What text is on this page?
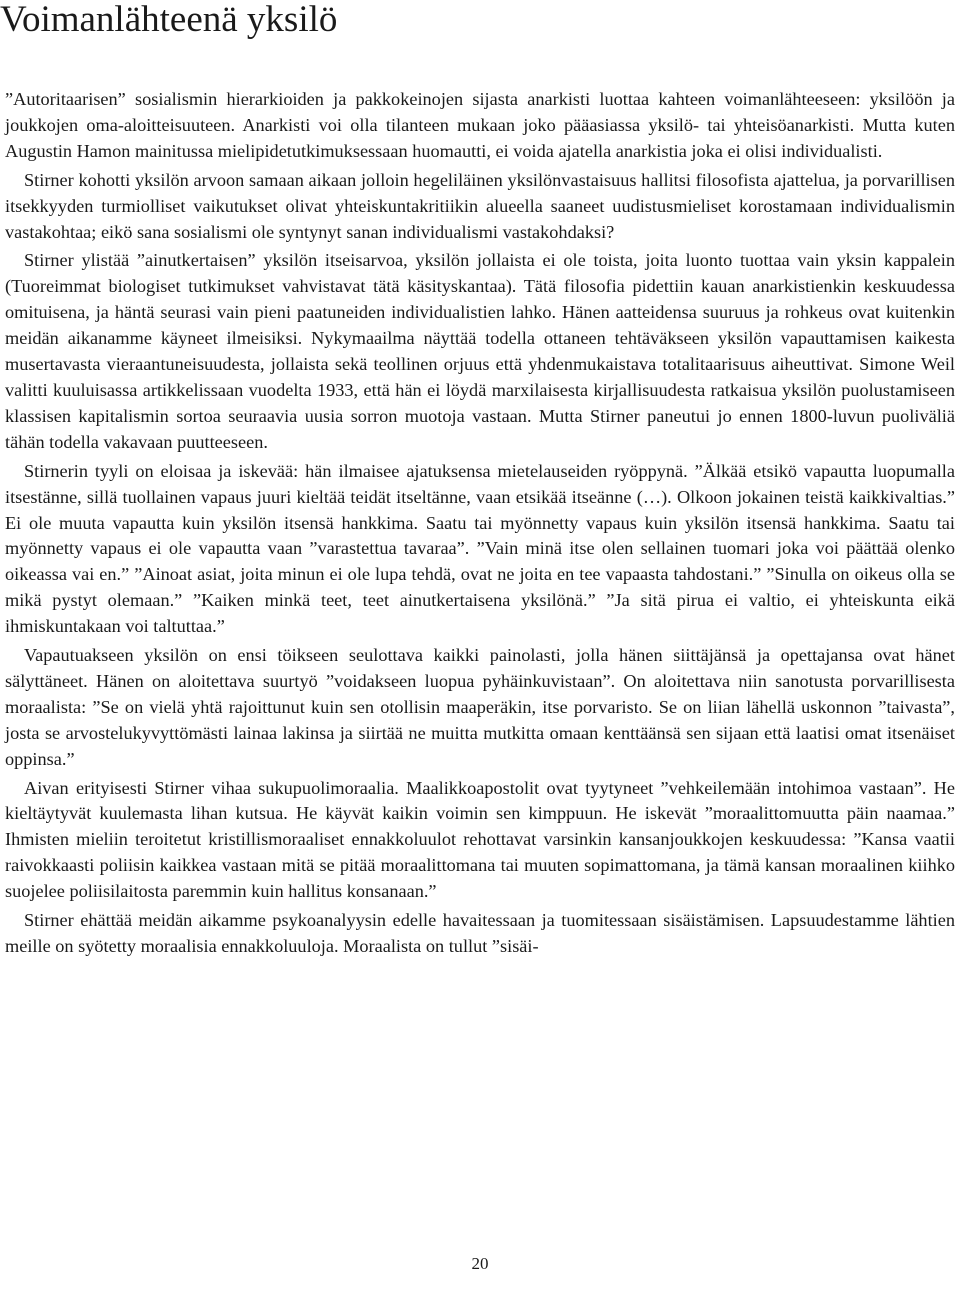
Voimanlähteenä yksilö

”Autoritaarisen” sosialismin hierarkioiden ja pakkokeinojen sijasta anarkisti luottaa kahteen voimanlähteeseen: yksilöön ja joukkojen oma-aloitteisuuteen. Anarkisti voi olla tilanteen mukaan joko pääasiassa yksilö- tai yhteisöanarkisti. Mutta kuten Augustin Hamon mainitussa mielipidetutkimuksessaan huomautti, ei voida ajatella anarkistia joka ei olisi individualisti.

Stirner kohotti yksilön arvoon samaan aikaan jolloin hegeliläinen yksilönvastaisuus hallitsi filosofista ajattelua, ja porvarillisen itsekkyyden turmiolliset vaikutukset olivat yhteiskuntakritiikin alueella saaneet uudistusmieliset korostamaan individualismin vastakohtaa; eikö sana sosialismi ole syntynyt sanan individualismi vastakohdaksi?

Stirner ylistää ”ainutkertaisen” yksilön itseisarvoa, yksilön jollaista ei ole toista, joita luonto tuottaa vain yksin kappalein (Tuoreimmat biologiset tutkimukset vahvistavat tätä käsityskantaa). Tätä filosofia pidettiin kauan anarkistienkin keskuudessa omituisena, ja häntä seurasi vain pieni paatuneiden individualistien lahko. Hänen aatteidensa suuruus ja rohkeus ovat kuitenkin meidän aikanamme käyneet ilmeisiksi. Nykymaailma näyttää todella ottaneen tehtäväkseen yksilön vapauttamisen kaikesta musertavasta vieraantuneisuudesta, jollaista sekä teollinen orjuus että yhdenmukaistava totalitaarisuus aiheuttivat. Simone Weil valitti kuuluisassa artikkelissaan vuodelta 1933, että hän ei löydä marxilaisesta kirjallisuudesta ratkaisua yksilön puolustamiseen klassisen kapitalismin sortoa seuraavia uusia sorron muotoja vastaan. Mutta Stirner paneutui jo ennen 1800-luvun puoliväliä tähän todella vakavaan puutteeseen.

Stirnerin tyyli on eloisaa ja iskevää: hän ilmaisee ajatuksensa mietelauseiden ryöppynä. ”Älkää etsikö vapautta luopumalla itsestänne, sillä tuollainen vapaus juuri kieltää teidät itseltänne, vaan etsikää itseänne (…). Olkoon jokainen teistä kaikkivaltias.” Ei ole muuta vapautta kuin yksilön itsensä hankkima. Saatu tai myönnetty vapaus kuin yksilön itsensä hankkima. Saatu tai myönnetty vapaus ei ole vapautta vaan ”varastettua tavaraa”. ”Vain minä itse olen sellainen tuomari joka voi päättää olenko oikeassa vai en.” ”Ainoat asiat, joita minun ei ole lupa tehdä, ovat ne joita en tee vapaasta tahdostani.” ”Sinulla on oikeus olla se mikä pystyt olemaan.” ”Kaiken minkä teet, teet ainutkertaisena yksilönä.” ”Ja sitä pirua ei valtio, ei yhteiskunta eikä ihmiskuntakaan voi taltuttaa.”

Vapautuakseen yksilön on ensi töikseen seulottava kaikki painolasti, jolla hänen siittäjänsä ja opettajansa ovat hänet sälyttäneet. Hänen on aloitettava suurtyö ”voidakseen luopua pyhäinkuvistaan”. On aloitettava niin sanotusta porvarillisesta moraalista: ”Se on vielä yhtä rajoittunut kuin sen otollisin maaperäkin, itse porvaristo. Se on liian lähellä uskonnon ”taivasta”, josta se arvostelukyvyttömästi lainaa lakinsa ja siirtää ne muitta mutkitta omaan kenttäänsä sen sijaan että laatisi omat itsenäiset oppinsa.”

Aivan erityisesti Stirner vihaa sukupuolimoraalia. Maalikkoapostolit ovat tyytyneet ”vehkeilemään intohimoa vastaan”. He kieltäytyvät kuulemasta lihan kutsua. He käyvät kaikin voimin sen kimppuun. He iskevät ”moraalittomuutta päin naamaa.” Ihmisten mieliin teroitetut kristillismoraaliset ennakkoluulot rehottavat varsinkin kansanjoukkojen keskuudessa: ”Kansa vaatii raivokkaasti poliisin kaikkea vastaan mitä se pitää moraalittomana tai muuten sopimattomana, ja tämä kansan moraalinen kiihko suojelee poliisilaitosta paremmin kuin hallitus konsanaan.”

Stirner ehättää meidän aikamme psykoanalyysin edelle havaitessaan ja tuomitessaan sisäistämisen. Lapsuudestamme lähtien meille on syötetty moraalisia ennakkoluuloja. Moraalista on tullut ”sisäi-

20
